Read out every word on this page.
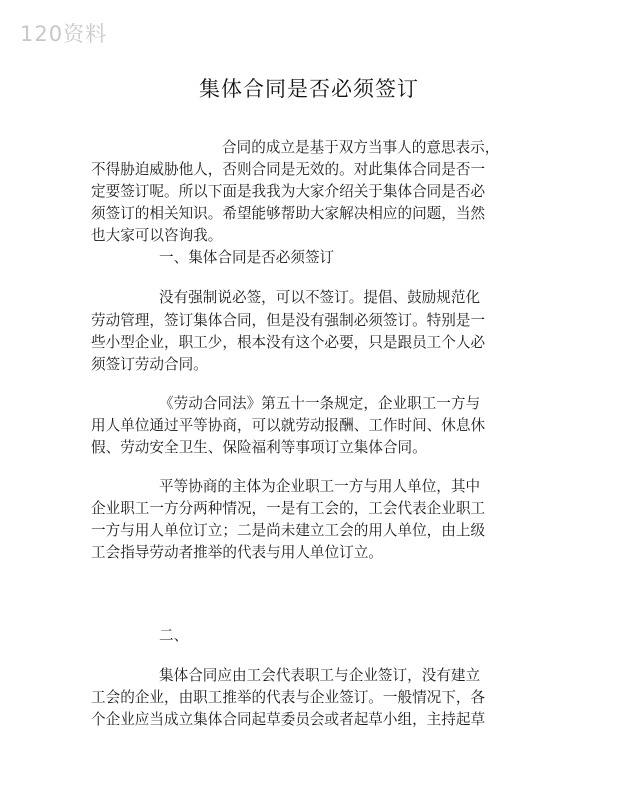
120资料
集体合同是否必须签订
合同的成立是基于双方当事人的意思表示，
不得胁迫威胁他人，否则合同是无效的。对此集体合同是否一
定要签订呢。所以下面是我我为大家介绍关于集体合同是否必
须签订的相关知识。希望能够帮助大家解决相应的问题，当然
也大家可以咨询我。
一、集体合同是否必须签订
没有强制说必签，可以不签订。提倡、鼓励规范化
劳动管理，签订集体合同，但是没有强制必须签订。特别是一
些小型企业，职工少，根本没有这个必要，只是跟员工个人必
须签订劳动合同。
《劳动合同法》第五十一条规定，企业职工一方与
用人单位通过平等协商，可以就劳动报酬、工作时间、休息休
假、劳动安全卫生、保险福利等事项订立集体合同。
平等协商的主体为企业职工一方与用人单位，其中
企业职工一方分两种情况，一是有工会的，工会代表企业职工
一方与用人单位订立；二是尚未建立工会的用人单位，由上级
工会指导劳动者推举的代表与用人单位订立。
二、
集体合同应由工会代表职工与企业签订，没有建立
工会的企业，由职工推举的代表与企业签订。一般情况下，各
个企业应当成立集体合同起草委员会或者起草小组，主持起草
